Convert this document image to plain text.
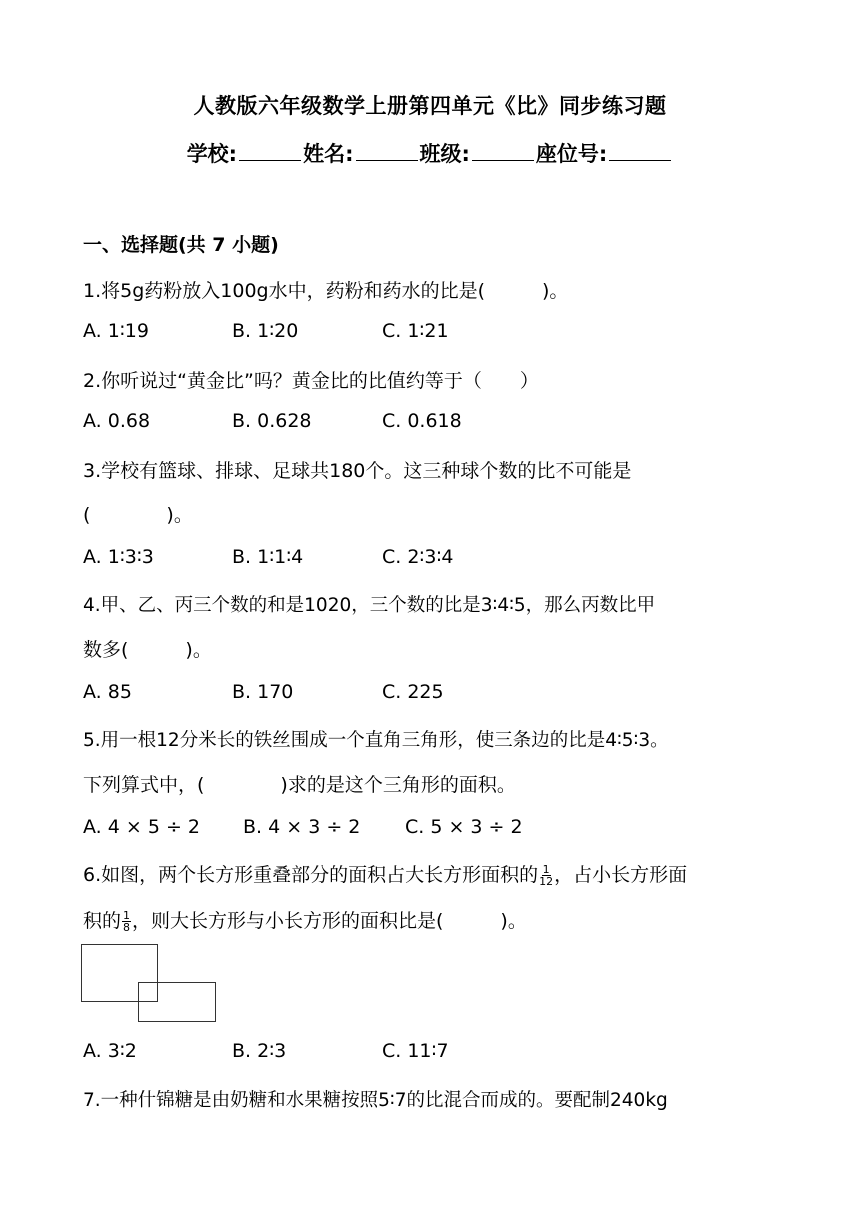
人教版六年级数学上册第四单元《比》同步练习题
学校:	姓名:	班级:	座位号:
一、选择题(共 7 小题)
1.将5g药粉放入100g水中，药粉和药水的比是(　　　)。
A. 1∶19	B. 1∶20	C. 1∶21
2.你听说过“黄金比”吗？黄金比的比值约等于（　　）
A. 0.68	B. 0.628	C. 0.618
3.学校有篮球、排球、足球共180个。这三种球个数的比不可能是
(　　　　)。
A. 1∶3∶3	B. 1∶1∶4	C. 2∶3∶4
4.甲、乙、丙三个数的和是1020，三个数的比是3∶4∶5，那么丙数比甲
数多(　　　)。
A. 85	B. 170	C. 225
5.用一根12分米长的铁丝围成一个直角三角形，使三条边的比是4∶5∶3。
下列算式中，(　　　　)求的是这个三角形的面积。
A. 4 × 5 ÷ 2 B. 4 × 3 ÷ 2 C. 5 × 3 ÷ 2
6.如图，两个长方形重叠部分的面积占大长方形面积的 $\frac{1}{12}$ ，占小长方形面
积的 $\frac{1}{8}$ ，则大长方形与小长方形的面积比是(　　　)。
A. 3∶2	B. 2∶3	C. 11∶7
7.一种什锦糖是由奶糖和水果糖按照5∶7的比混合而成的。要配制240kg
